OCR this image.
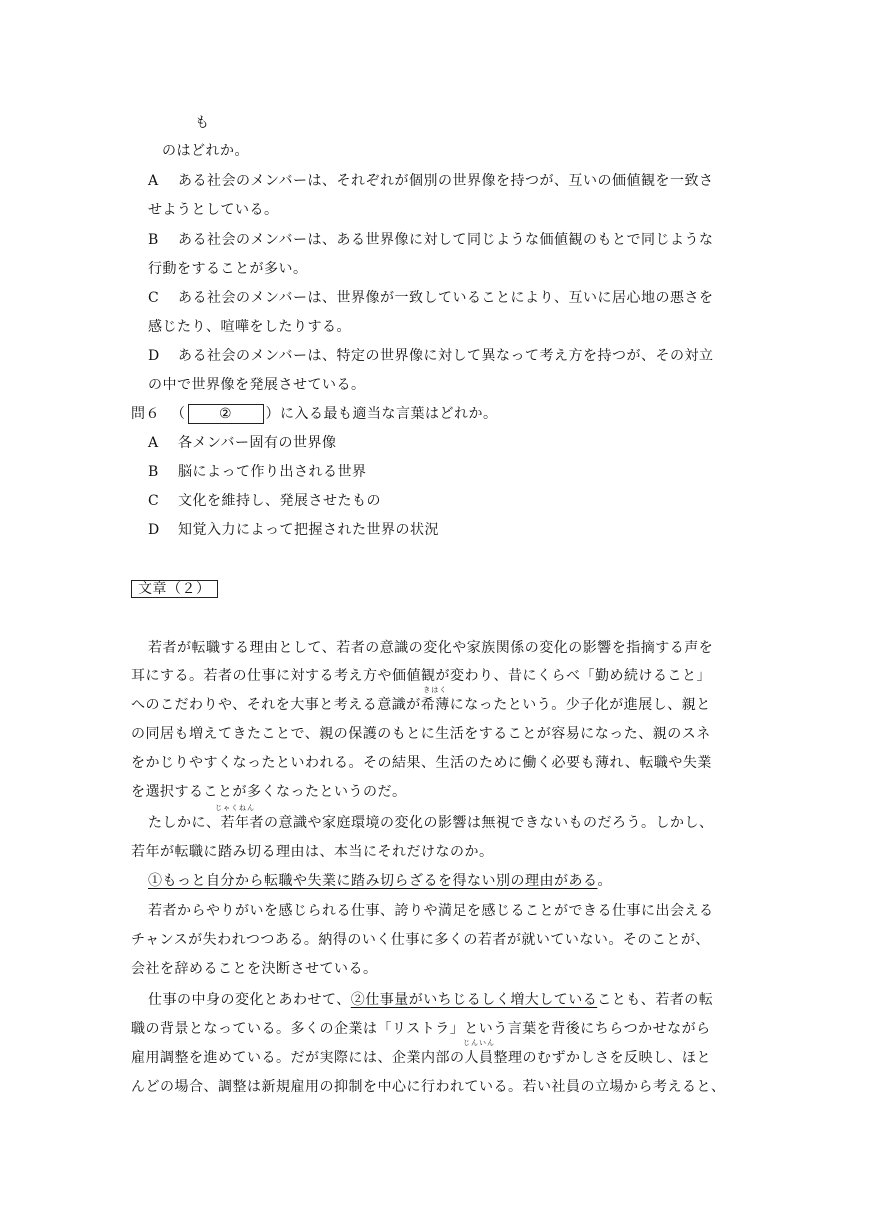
も
のはどれか。
A ある社会のメンバーは、それぞれが個別の世界像を持つが、互いの価値観を一致さ
せようとしている。
B ある社会のメンバーは、ある世界像に対して同じような価値観のもとで同じような
行動をすることが多い。
C ある社会のメンバーは、世界像が一致していることにより、互いに居心地の悪さを
感じたり、喧嘩をしたりする。
D ある社会のメンバーは、特定の世界像に対して異なって考え方を持つが、その対立
の中で世界像を発展させている。
問６ （ ② ）に入る最も適当な言葉はどれか。
A 各メンバー固有の世界像
B 脳によって作り出される世界
C 文化を維持し、発展させたもの
D 知覚入力によって把握された世界の状況
文章（２）
若者が転職する理由として、若者の意識の変化や家族関係の変化の影響を指摘する声を
耳にする。若者の仕事に対する考え方や価値観が変わり、昔にくらべ「勤め続けること」
へのこだわりや、それを大事と考える意識が
きはく
希薄になったという。少子化が進展し、親と
の同居も増えてきたことで、親の保護のもとに生活をすることが容易になった、親のスネ
をかじりやすくなったといわれる。その結果、生活のために働く必要も薄れ、転職や失業
を選択することが多くなったというのだ。
たしかに、
じゃくねん
若年者の意識や家庭環境の変化の影響は無視できないものだろう。しかし、
若年が転職に踏み切る理由は、本当にそれだけなのか。
①もっと自分から転職や失業に踏み切らざるを得ない別の理由がある。
若者からやりがいを感じられる仕事、誇りや満足を感じることができる仕事に出会える
チャンスが失われつつある。納得のいく仕事に多くの若者が就いていない。そのことが、
会社を辞めることを決断させている。
仕事の中身の変化とあわせて、②仕事量がいちじるしく増大していることも、若者の転
職の背景となっている。多くの企業は「リストラ」という言葉を背後にちらつかせながら
雇用調整を進めている。だが実際には、企業内部の
じんいん
人員整理のむずかしさを反映し、ほと
んどの場合、調整は新規雇用の抑制を中心に行われている。若い社員の立場から考えると、
